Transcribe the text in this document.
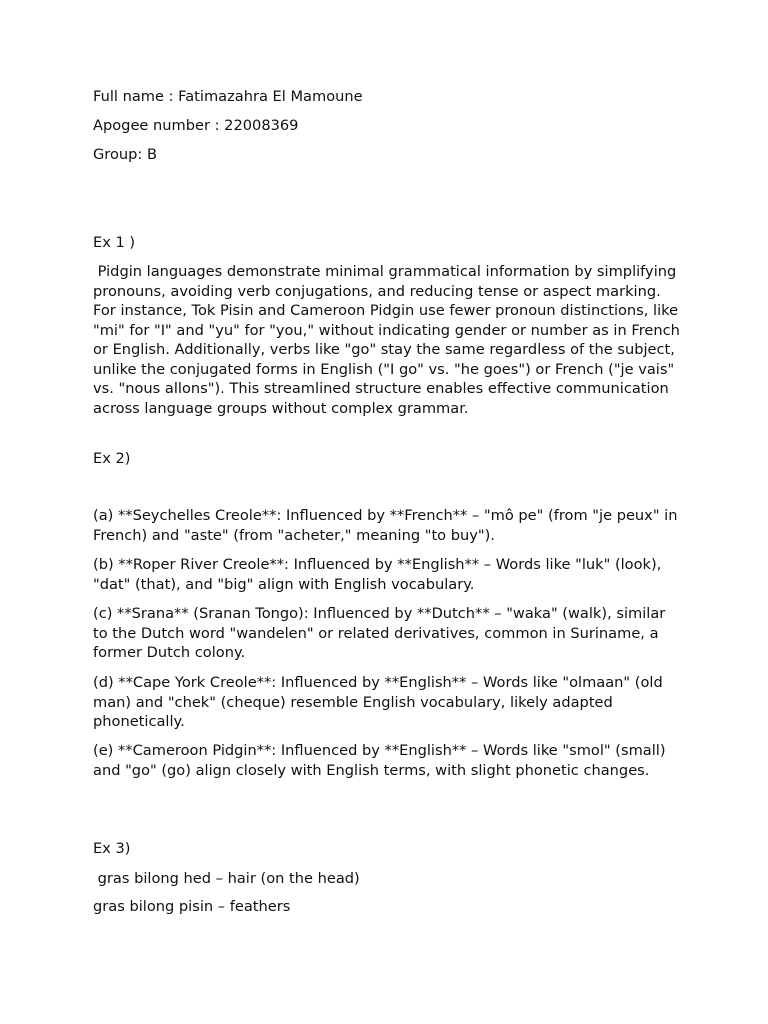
Full name : Fatimazahra El Mamoune

Apogee number : 22008369

Group: B

Ex 1 )

Pidgin languages demonstrate minimal grammatical information by simplifying pronouns, avoiding verb conjugations, and reducing tense or aspect marking. For instance, Tok Pisin and Cameroon Pidgin use fewer pronoun distinctions, like "mi" for "I" and "yu" for "you," without indicating gender or number as in French or English. Additionally, verbs like "go" stay the same regardless of the subject, unlike the conjugated forms in English ("I go" vs. "he goes") or French ("je vais" vs. "nous allons"). This streamlined structure enables effective communication across language groups without complex grammar.

Ex 2)

(a) **Seychelles Creole**: Influenced by **French** – "mô pe" (from "je peux" in French) and "aste" (from "acheter," meaning "to buy").

(b) **Roper River Creole**: Influenced by **English** – Words like "luk" (look), "dat" (that), and "big" align with English vocabulary.

(c) **Srana** (Sranan Tongo): Influenced by **Dutch** – "waka" (walk), similar to the Dutch word "wandelen" or related derivatives, common in Suriname, a former Dutch colony.

(d) **Cape York Creole**: Influenced by **English** – Words like "olmaan" (old man) and "chek" (cheque) resemble English vocabulary, likely adapted phonetically.

(e) **Cameroon Pidgin**: Influenced by **English** – Words like "smol" (small) and "go" (go) align closely with English terms, with slight phonetic changes.

Ex 3)

gras bilong hed – hair (on the head)

gras bilong pisin – feathers
